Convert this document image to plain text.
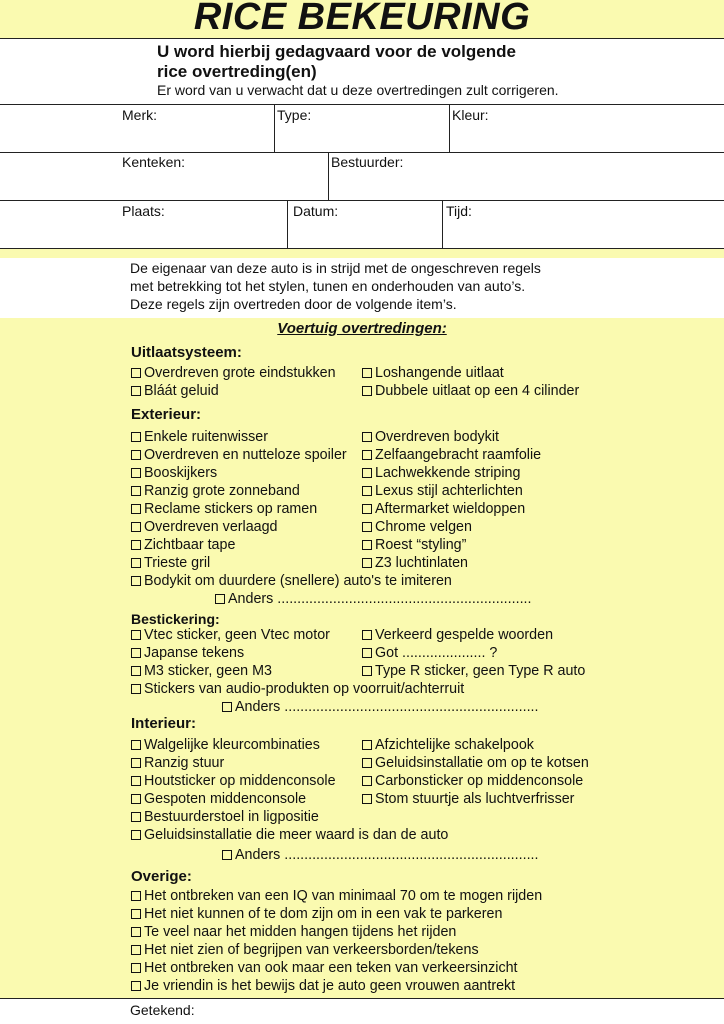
RICE BEKEURING
U word hierbij gedagvaard voor de volgende
rice overtreding(en)
Er word van u verwacht dat u deze overtredingen zult corrigeren.
Merk:	Type:	Kleur:
Kenteken:	Bestuurder:
Plaats:	Datum:	Tijd:

De eigenaar van deze auto is in strijd met de ongeschreven regels

met betrekking tot het stylen, tunen en onderhouden van auto’s.

Deze regels zijn overtreden door de volgende item’s.

Voertuig overtredingen:
Uitlaatsysteem:
Overdreven grote eindstukken
Bláát geluid
Loshangende uitlaat
Dubbele uitlaat op een 4 cilinder
Exterieur:
Enkele ruitenwisser
Overdreven en nutteloze spoiler
Booskijkers
Ranzig grote zonneband
Reclame stickers op ramen
Overdreven verlaagd
Zichtbaar tape
Trieste gril
Overdreven bodykit
Zelfaangebracht raamfolie
Lachwekkende striping
Lexus stijl achterlichten
Aftermarket wieldoppen
Chrome velgen
Roest “styling”
Z3 luchtinlaten
Bodykit om duurdere (snellere) auto's te imiteren
Anders ................................................................
Bestickering:
Vtec sticker, geen Vtec motor
Japanse tekens
M3 sticker, geen M3
Verkeerd gespelde woorden
Got ..................... ?
Type R sticker, geen Type R auto
Stickers van audio-produkten op voorruit/achterruit
Anders ................................................................
Interieur:
Walgelijke kleurcombinaties
Ranzig stuur
Houtsticker op middenconsole
Gespoten middenconsole
Afzichtelijke schakelpook
Geluidsinstallatie om op te kotsen
Carbonsticker op middenconsole
Stom stuurtje als luchtverfrisser
Bestuurderstoel in ligpositie
Geluidsinstallatie die meer waard is dan de auto
Anders ................................................................
Overige:
Het ontbreken van een IQ van minimaal 70 om te mogen rijden
Het niet kunnen of te dom zijn om in een vak te parkeren
Te veel naar het midden hangen tijdens het rijden
Het niet zien of begrijpen van verkeersborden/tekens
Het ontbreken van ook maar een teken van verkeersinzicht
Je vriendin is het bewijs dat je auto geen vrouwen aantrekt
Getekend:
